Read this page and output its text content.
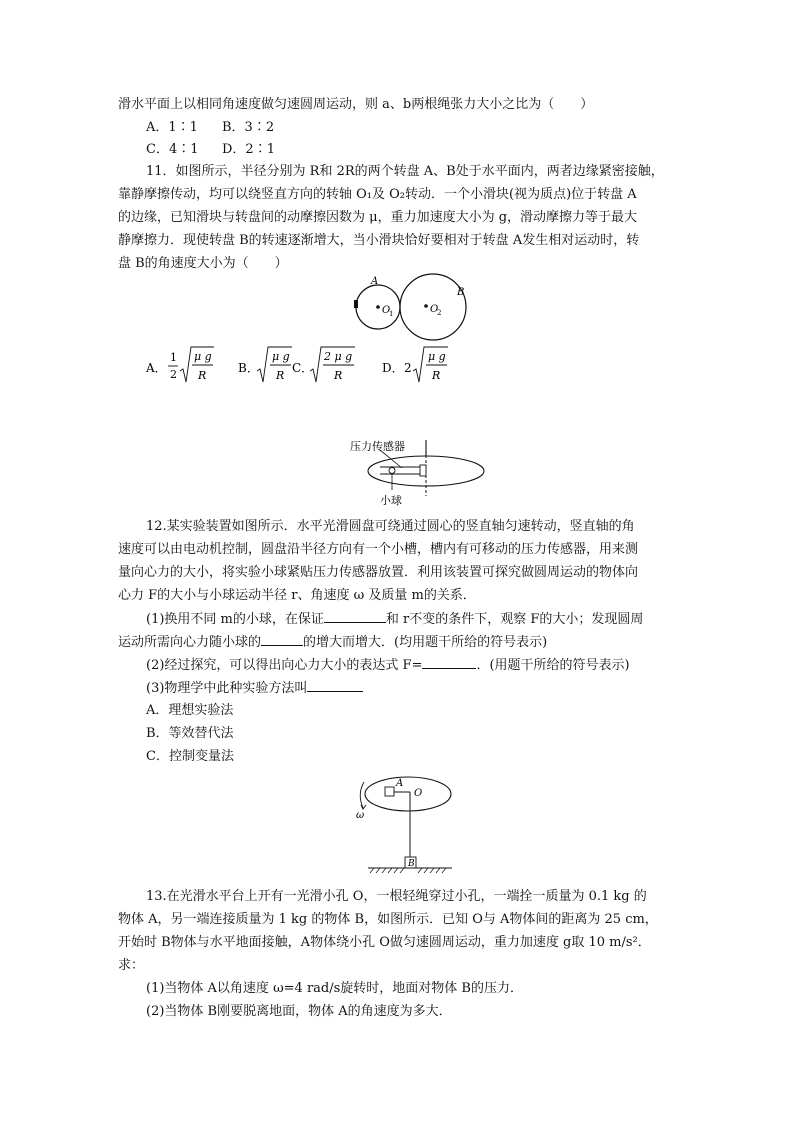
滑水平面上以相同角速度做匀速圆周运动，则 a、b两根绳张力大小之比为（　　）
A．1∶1 B．3∶2
C．4∶1 D．2∶1
11．如图所示，半径分别为 R和 2R的两个转盘 A、B处于水平面内，两者边缘紧密接触，
靠静摩擦传动，均可以绕竖直方向的转轴 O₁及 O₂转动．一个小滑块(视为质点)位于转盘 A
的边缘，已知滑块与转盘间的动摩擦因数为 μ，重力加速度大小为 g，滑动摩擦力等于最大
静摩擦力．现使转盘 B的转速逐渐增大，当小滑块恰好要相对于转盘 A发生相对运动时，转
盘 B的角速度大小为（　　）
A
B
O
1	O
2
A．
1
2
μ g
R
B．
μ g
R
C．
2 μ g
R
D． 2
μ g
R
压力传感器
小球
12.某实验装置如图所示．水平光滑圆盘可绕通过圆心的竖直轴匀速转动，竖直轴的角
速度可以由电动机控制，圆盘沿半径方向有一个小槽，槽内有可移动的压力传感器，用来测
量向心力的大小，将实验小球紧贴压力传感器放置．利用该装置可探究做圆周运动的物体向
心力 F的大小与小球运动半径 r、角速度 ω 及质量 m的关系．
(1)换用不同 m的小球，在保证	和 r不变的条件下，观察 F的大小；发现圆周
运动所需向心力随小球的	的增大而增大．(均用题干所给的符号表示)
(2)经过探究，可以得出向心力大小的表达式 F=	．(用题干所给的符号表示)
(3)物理学中此种实验方法叫
A．理想实验法
B．等效替代法
C．控制变量法
A
O
B
ω
13.在光滑水平台上开有一光滑小孔 O，一根轻绳穿过小孔，一端拴一质量为 0.1 kg 的
物体 A，另一端连接质量为 1 kg 的物体 B，如图所示．已知 O与 A物体间的距离为 25 cm，
开始时 B物体与水平地面接触，A物体绕小孔 O做匀速圆周运动，重力加速度 g取 10 m/s²．
求：
(1)当物体 A以角速度 ω=4 rad/s旋转时，地面对物体 B的压力．
(2)当物体 B刚要脱离地面，物体 A的角速度为多大．
